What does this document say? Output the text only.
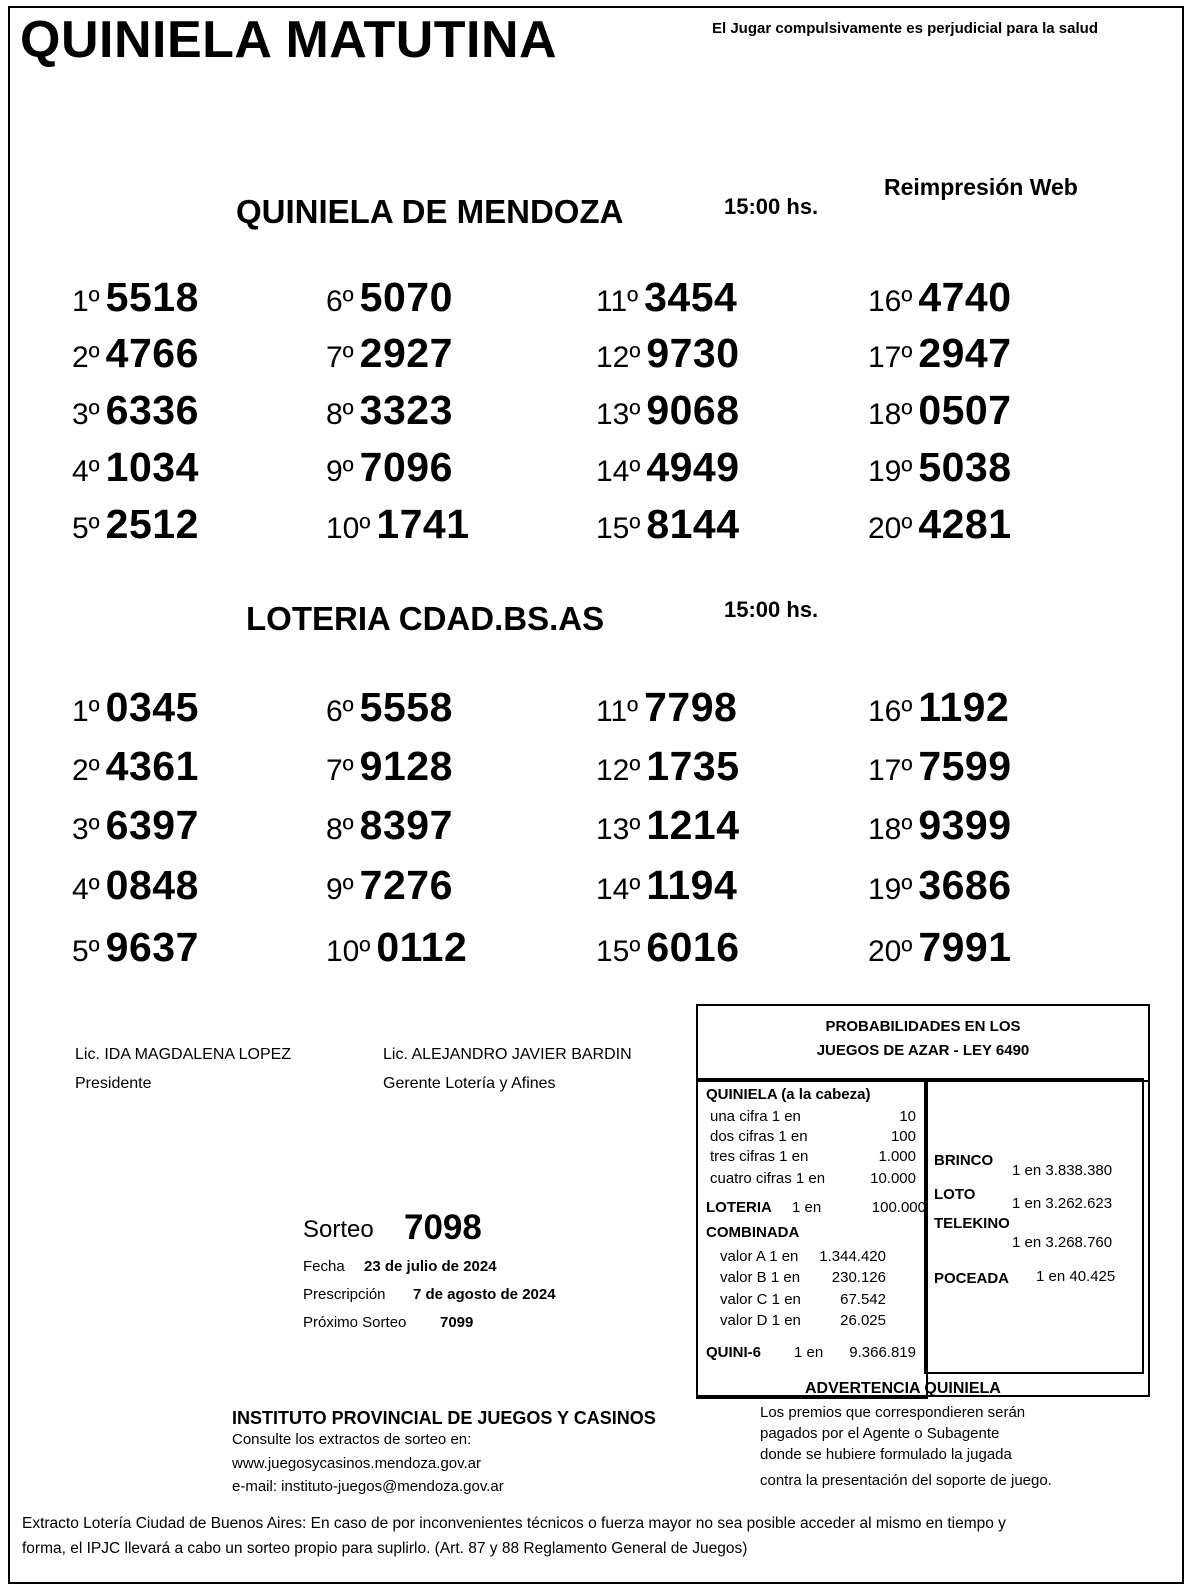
QUINIELA MATUTINA	El Jugar compulsivamente es perjudicial para la salud
Reimpresión Web
QUINIELA DE MENDOZA	15:00 hs.
1º 5518
2º 4766
3º 6336
4º 1034
5º 2512
6º 5070
7º 2927
8º 3323
9º 7096
10º 1741
11º 3454
12º 9730
13º 9068
14º 4949
15º 8144
16º 4740
17º 2947
18º 0507
19º 5038
20º 4281
LOTERIA CDAD.BS.AS	15:00 hs.
1º 0345
2º 4361
3º 6397
4º 0848
5º 9637
6º 5558
7º 9128
8º 8397
9º 7276
10º 0112
11º 7798
12º 1735
13º 1214
14º 1194
15º 6016
16º 1192
17º 7599
18º 9399
19º 3686
20º 7991
Lic. IDA MAGDALENA LOPEZ
Presidente
Lic. ALEJANDRO JAVIER BARDIN
Gerente Lotería y Afines
Sorteo 7098
Fecha 23 de julio de 2024
Prescripción 7 de agosto de 2024
Próximo Sorteo 7099
PROBABILIDADES EN LOS
JUEGOS DE AZAR - LEY 6490
QUINIELA (a la cabeza)
una cifra 1 en	10
dos cifras 1 en	100
tres cifras 1 en	1.000
cuatro cifras 1 en	10.000
LOTERIA 1 en	100.000
COMBINADA
valor A 1 en	1.344.420
valor B 1 en	230.126
valor C 1 en	67.542
valor D 1 en	26.025
QUINI-6 1 en	9.366.819
BRINCO
1 en 3.838.380
LOTO
1 en 3.262.623
TELEKINO
1 en 3.268.760
POCEADA 1 en 40.425
ADVERTENCIA QUINIELA
Los premios que correspondieren serán
pagados por el Agente o Subagente
donde se hubiere formulado la jugada
contra la presentación del soporte de juego.
INSTITUTO PROVINCIAL DE JUEGOS Y CASINOS
Consulte los extractos de sorteo en:
www.juegosycasinos.mendoza.gov.ar
e-mail: instituto-juegos@mendoza.gov.ar
Extracto Lotería Ciudad de Buenos Aires: En caso de por inconvenientes técnicos o fuerza mayor no sea posible acceder al mismo en tiempo y
forma, el IPJC llevará a cabo un sorteo propio para suplirlo. (Art. 87 y 88 Reglamento General de Juegos)
